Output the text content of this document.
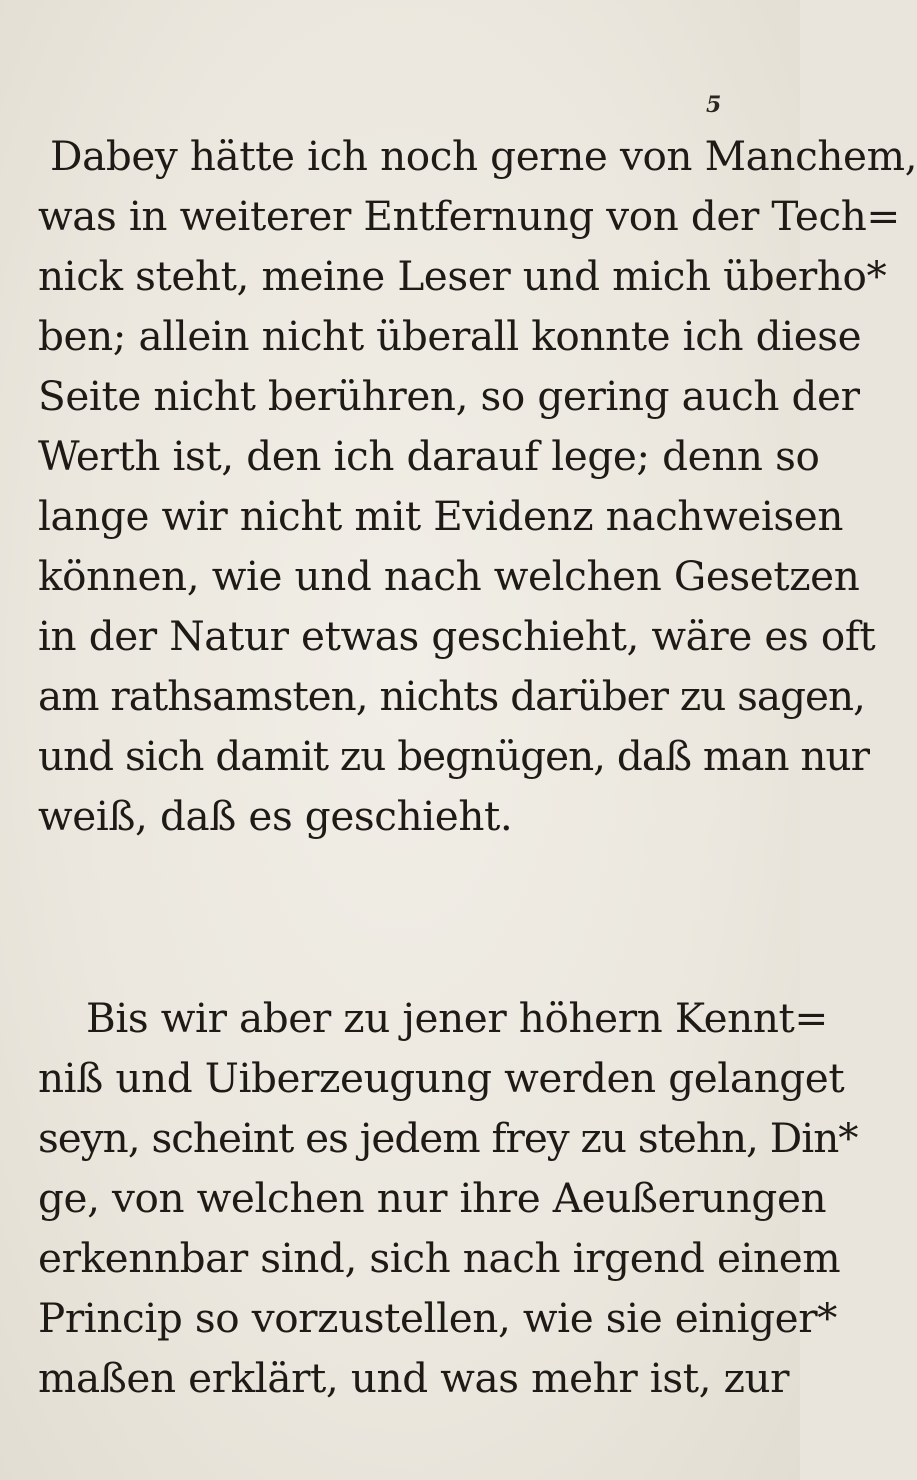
5
Dabey hätte ich noch gerne von Manchem,
was in weiterer Entfernung von der Tech=
nick steht, meine Leser und mich überho*
ben; allein nicht überall konnte ich diese
Seite nicht berühren, so gering auch der
Werth ist, den ich darauf lege; denn so
lange wir nicht mit Evidenz nachweisen
können, wie und nach welchen Gesetzen
in der Natur etwas geschieht, wäre es oft
am rathsamsten, nichts darüber zu sagen,
und sich damit zu begnügen, daß man nur
weiß, daß es geschieht.
Bis wir aber zu jener höhern Kennt=
niß und Uiberzeugung werden gelanget
seyn, scheint es jedem frey zu stehn, Din*
ge, von welchen nur ihre Aeußerungen
erkennbar sind, sich nach irgend einem
Princip so vorzustellen, wie sie einiger*
maßen erklärt, und was mehr ist, zur
